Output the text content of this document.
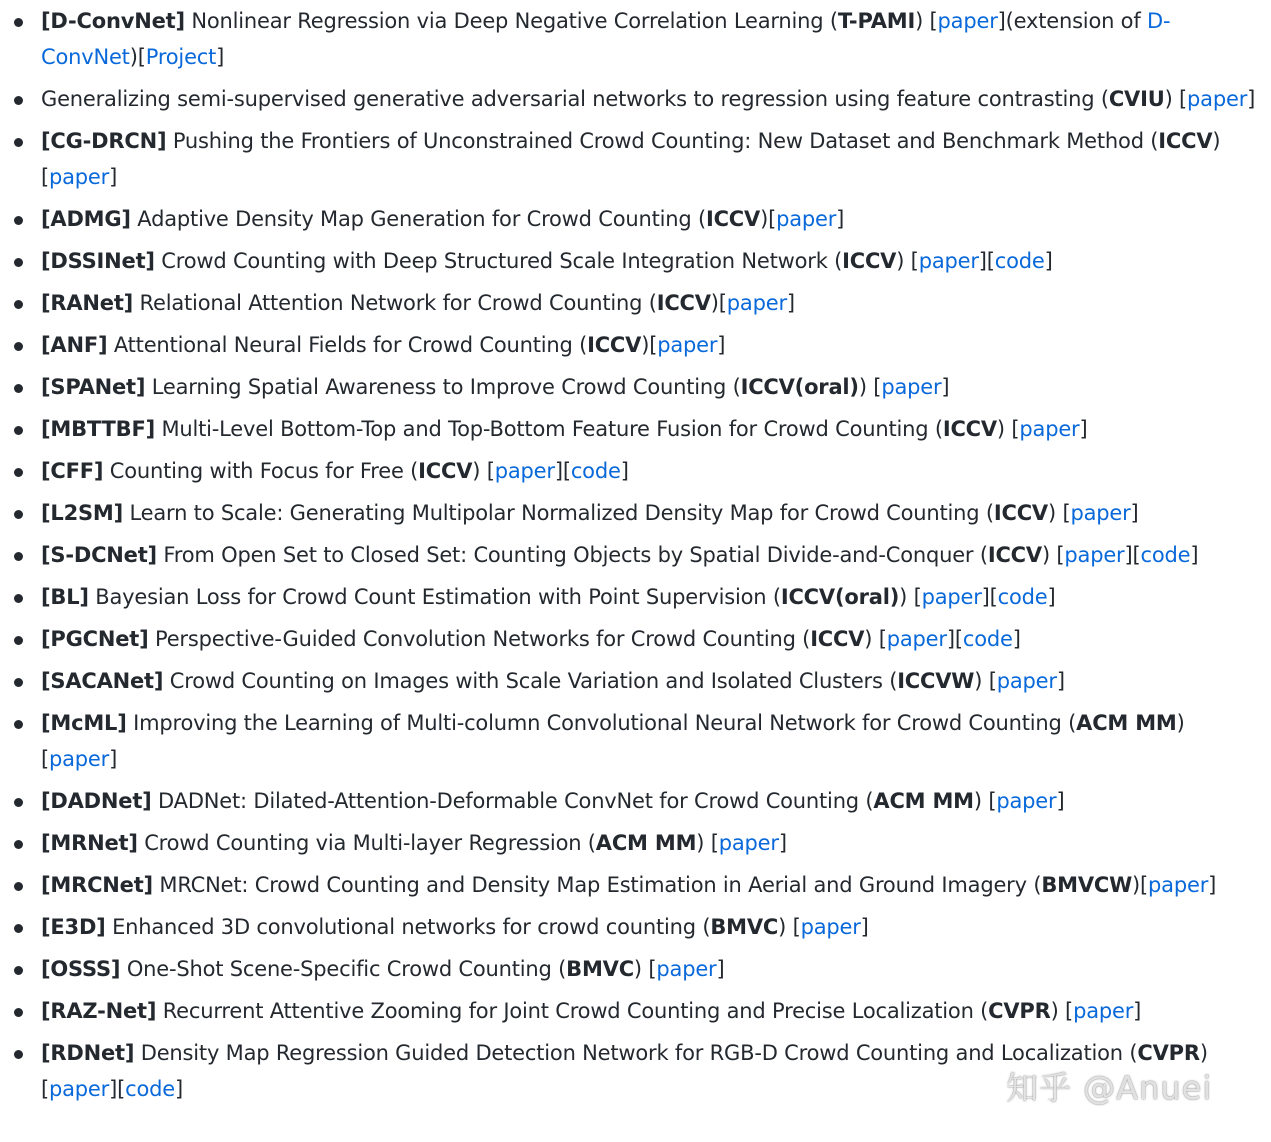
[D-ConvNet] Nonlinear Regression via Deep Negative Correlation Learning (T-PAMI) [paper](extension of D-ConvNet)[Project]
Generalizing semi-supervised generative adversarial networks to regression using feature contrasting (CVIU) [paper]
[CG-DRCN] Pushing the Frontiers of Unconstrained Crowd Counting: New Dataset and Benchmark Method (ICCV) [paper]
[ADMG] Adaptive Density Map Generation for Crowd Counting (ICCV)[paper]
[DSSINet] Crowd Counting with Deep Structured Scale Integration Network (ICCV) [paper][code]
[RANet] Relational Attention Network for Crowd Counting (ICCV)[paper]
[ANF] Attentional Neural Fields for Crowd Counting (ICCV)[paper]
[SPANet] Learning Spatial Awareness to Improve Crowd Counting (ICCV(oral)) [paper]
[MBTTBF] Multi-Level Bottom-Top and Top-Bottom Feature Fusion for Crowd Counting (ICCV) [paper]
[CFF] Counting with Focus for Free (ICCV) [paper][code]
[L2SM] Learn to Scale: Generating Multipolar Normalized Density Map for Crowd Counting (ICCV) [paper]
[S-DCNet] From Open Set to Closed Set: Counting Objects by Spatial Divide-and-Conquer (ICCV) [paper][code]
[BL] Bayesian Loss for Crowd Count Estimation with Point Supervision (ICCV(oral)) [paper][code]
[PGCNet] Perspective-Guided Convolution Networks for Crowd Counting (ICCV) [paper][code]
[SACANet] Crowd Counting on Images with Scale Variation and Isolated Clusters (ICCVW) [paper]
[McML] Improving the Learning of Multi-column Convolutional Neural Network for Crowd Counting (ACM MM) [paper]
[DADNet] DADNet: Dilated-Attention-Deformable ConvNet for Crowd Counting (ACM MM) [paper]
[MRNet] Crowd Counting via Multi-layer Regression (ACM MM) [paper]
[MRCNet] MRCNet: Crowd Counting and Density Map Estimation in Aerial and Ground Imagery (BMVCW)[paper]
[E3D] Enhanced 3D convolutional networks for crowd counting (BMVC) [paper]
[OSSS] One-Shot Scene-Specific Crowd Counting (BMVC) [paper]
[RAZ-Net] Recurrent Attentive Zooming for Joint Crowd Counting and Precise Localization (CVPR) [paper]
[RDNet] Density Map Regression Guided Detection Network for RGB-D Crowd Counting and Localization (CVPR) [paper][code]	知乎 @Anuei
